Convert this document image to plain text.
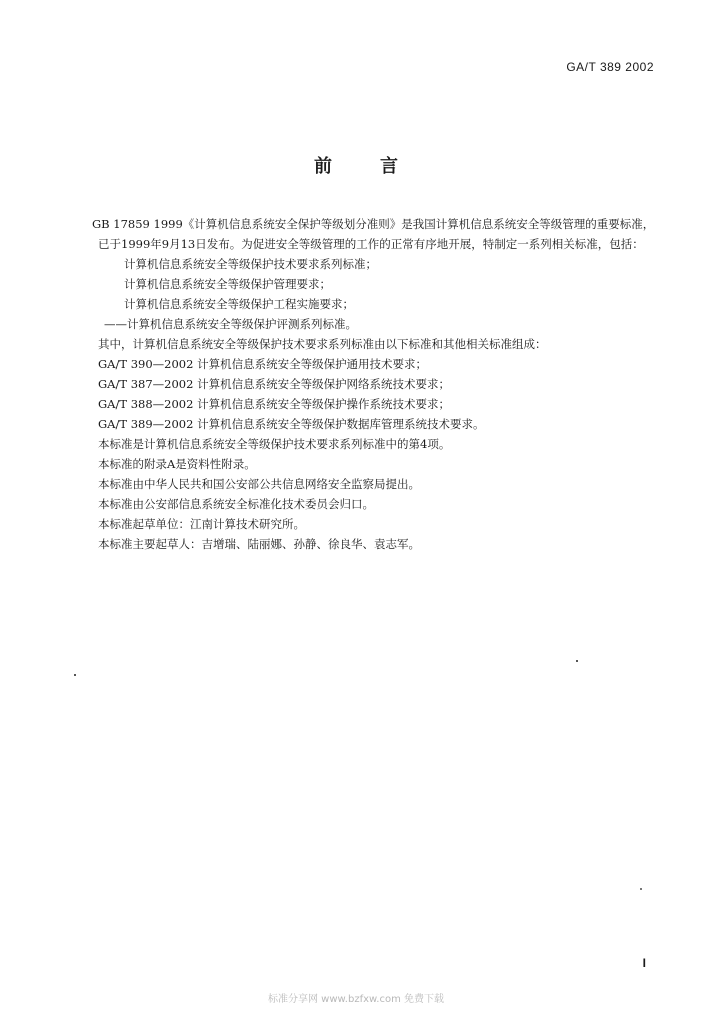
GA/T 389 2002
前言

GB 17859 1999《计算机信息系统安全保护等级划分准则》是我国计算机信息系统安全等级管理的重要标准，已于1999年9月13日发布。为促进安全等级管理的工作的正常有序地开展，特制定一系列相关标准，包括：

计算机信息系统安全等级保护技术要求系列标准；

计算机信息系统安全等级保护管理要求；

计算机信息系统安全等级保护工程实施要求；

——计算机信息系统安全等级保护评测系列标准。

其中，计算机信息系统安全等级保护技术要求系列标准由以下标准和其他相关标准组成：

GA/T 390—2002 计算机信息系统安全等级保护通用技术要求；

GA/T 387—2002 计算机信息系统安全等级保护网络系统技术要求；

GA/T 388—2002 计算机信息系统安全等级保护操作系统技术要求；

GA/T 389—2002 计算机信息系统安全等级保护数据库管理系统技术要求。

本标准是计算机信息系统安全等级保护技术要求系列标准中的第4项。

本标准的附录A是资料性附录。

本标准由中华人民共和国公安部公共信息网络安全监察局提出。

本标准由公安部信息系统安全标准化技术委员会归口。

本标准起草单位：江南计算技术研究所。

本标准主要起草人：吉增瑞、陆丽娜、孙静、徐良华、袁志军。

I
标准分享网 www.bzfxw.com 免费下载
